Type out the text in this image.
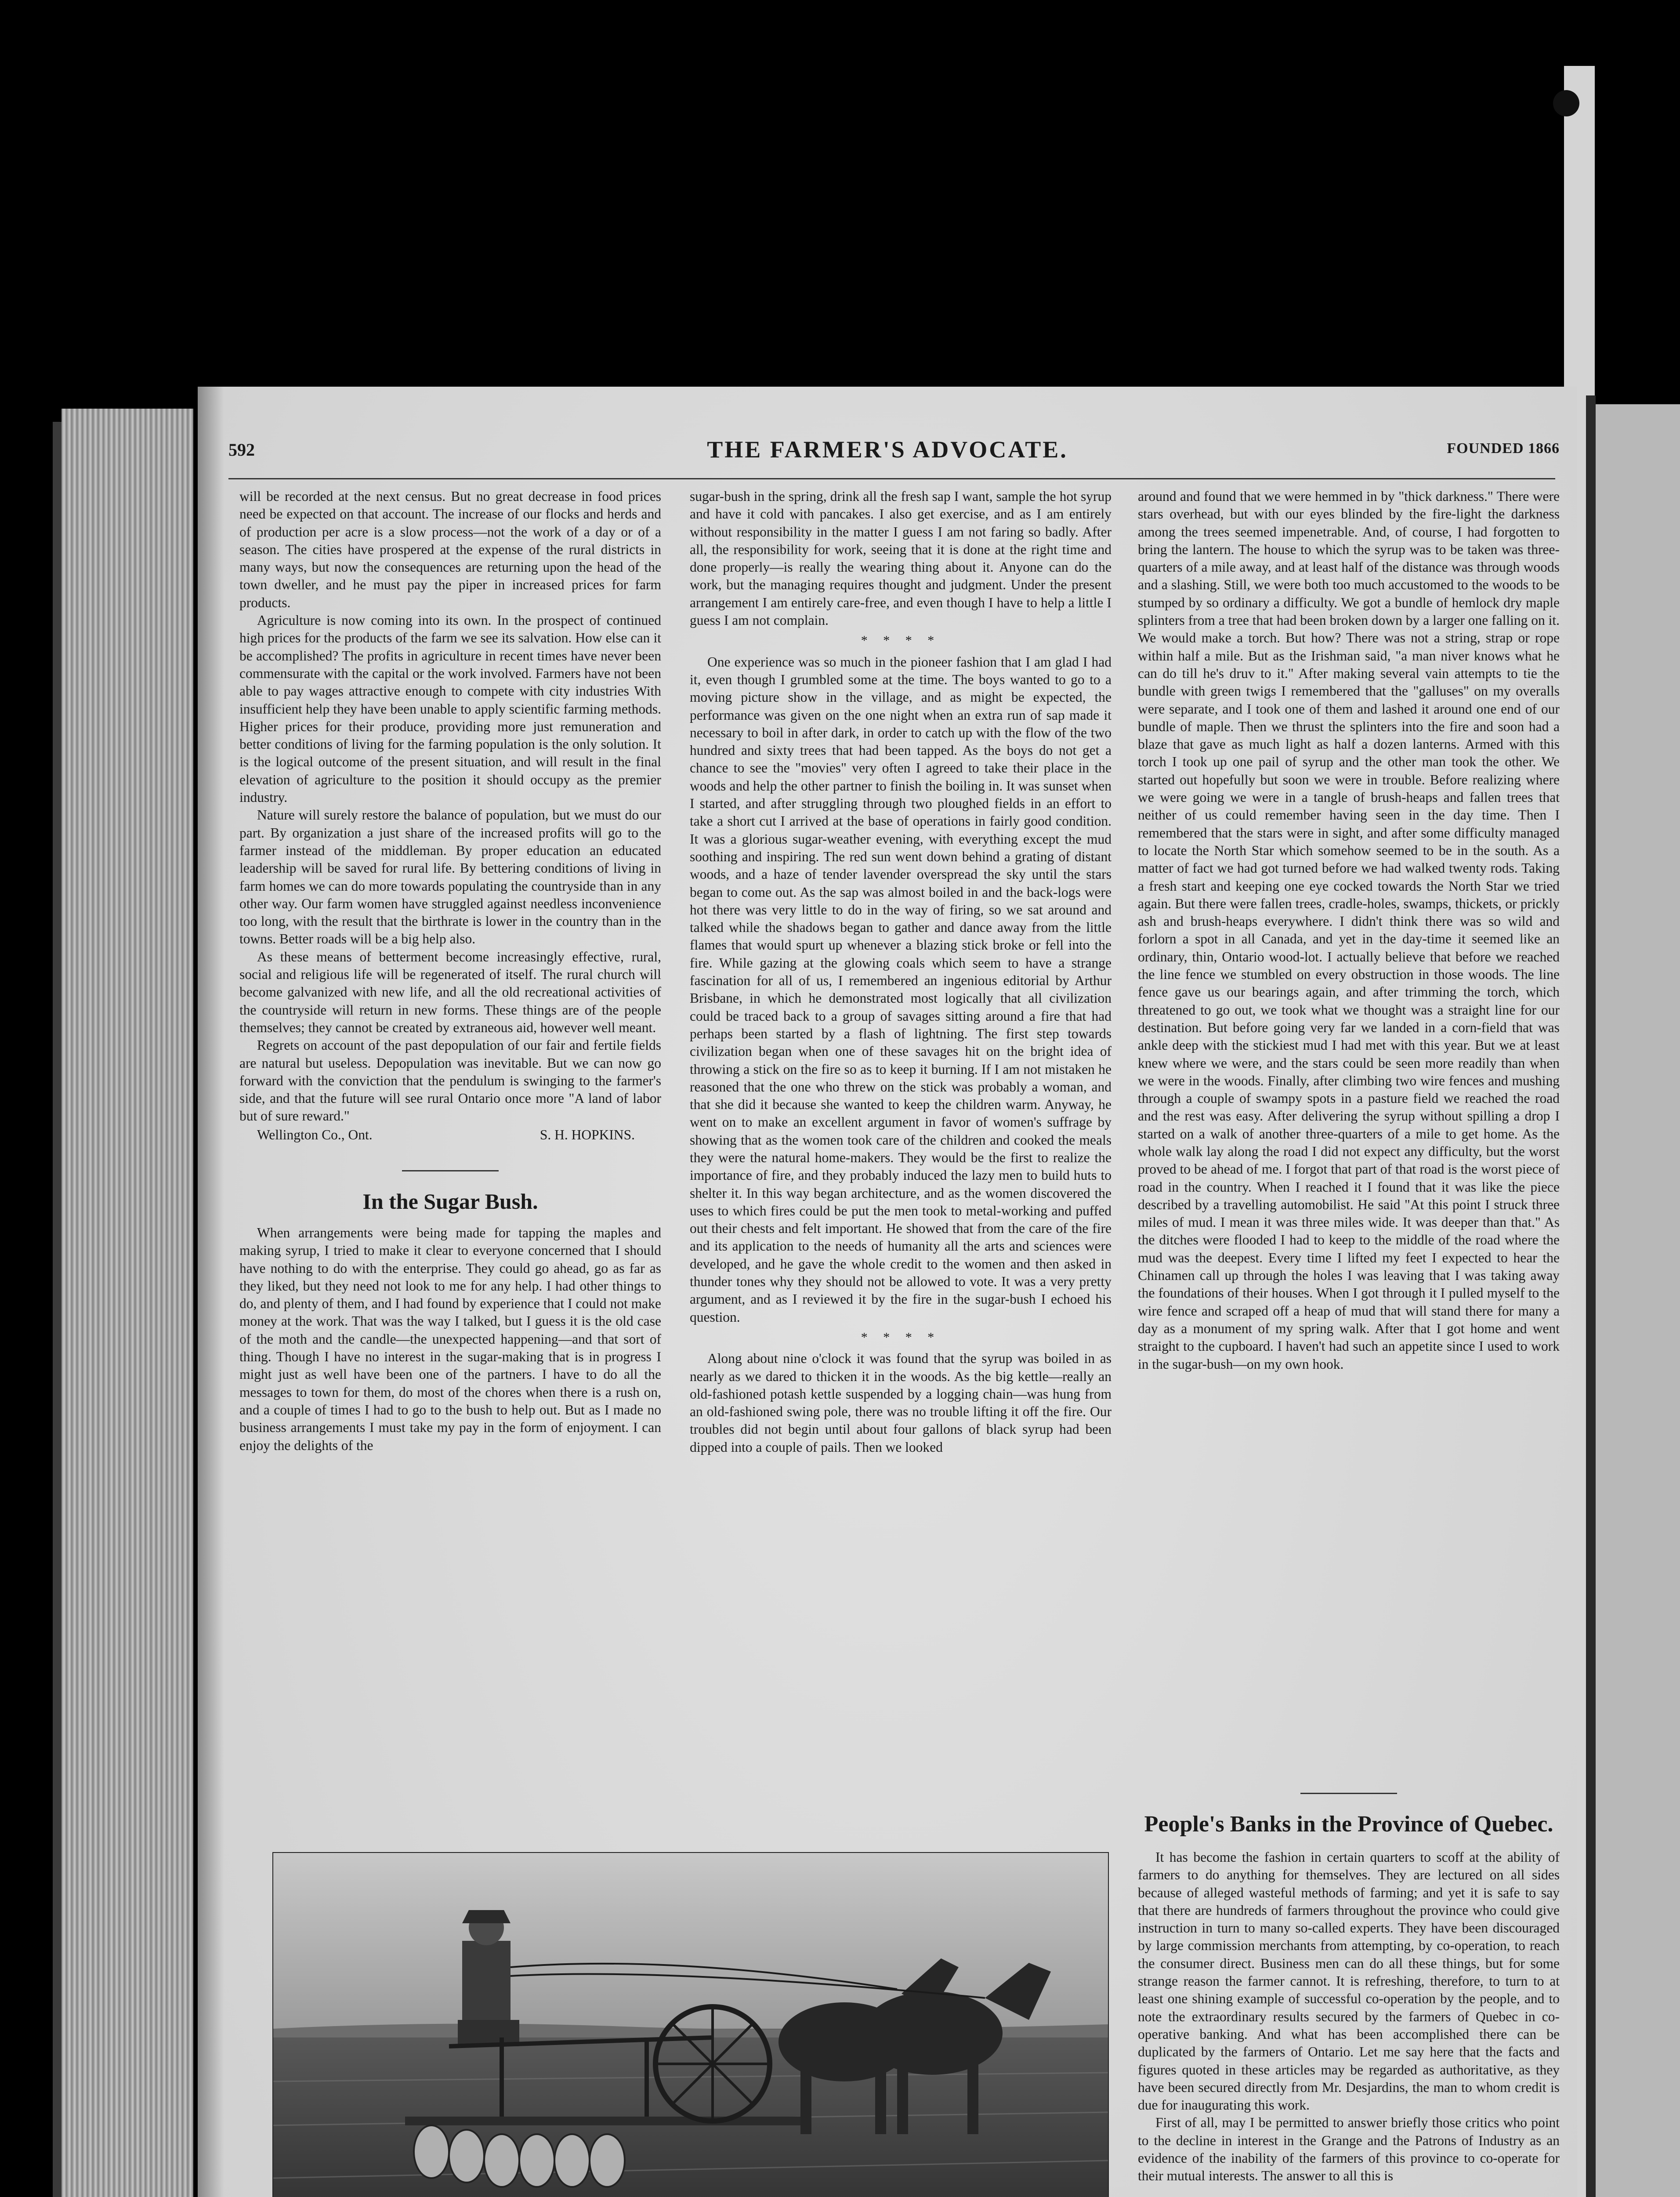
592	THE FARMER'S ADVOCATE.	FOUNDED 1866

will be recorded at the next census. But no great decrease in food prices need be expected on that account. The increase of our flocks and herds and of production per acre is a slow process—not the work of a day or of a season. The cities have prospered at the expense of the rural districts in many ways, but now the consequences are returning upon the head of the town dweller, and he must pay the piper in increased prices for farm products.

Agriculture is now coming into its own. In the prospect of continued high prices for the products of the farm we see its salvation. How else can it be accomplished? The profits in agriculture in recent times have never been commensurate with the capital or the work involved. Farmers have not been able to pay wages attractive enough to compete with city industries With insufficient help they have been unable to apply scientific farming methods. Higher prices for their produce, providing more just remuneration and better conditions of living for the farming population is the only solution. It is the logical outcome of the present situation, and will result in the final elevation of agriculture to the position it should occupy as the premier industry.

Nature will surely restore the balance of population, but we must do our part. By organization a just share of the increased profits will go to the farmer instead of the middleman. By proper education an educated leadership will be saved for rural life. By bettering conditions of living in farm homes we can do more towards populating the countryside than in any other way. Our farm women have struggled against needless inconvenience too long, with the result that the birthrate is lower in the country than in the towns. Better roads will be a big help also.

As these means of betterment become increasingly effective, rural, social and religious life will be regenerated of itself. The rural church will become galvanized with new life, and all the old recreational activities of the countryside will return in new forms. These things are of the people themselves; they cannot be created by extraneous aid, however well meant.

Regrets on account of the past depopulation of our fair and fertile fields are natural but useless. Depopulation was inevitable. But we can now go forward with the conviction that the pendulum is swinging to the farmer's side, and that the future will see rural Ontario once more "A land of labor but of sure reward."

Wellington Co., Ont.	S. H. HOPKINS.
In the Sugar Bush.

When arrangements were being made for tapping the maples and making syrup, I tried to make it clear to everyone concerned that I should have nothing to do with the enterprise. They could go ahead, go as far as they liked, but they need not look to me for any help. I had other things to do, and plenty of them, and I had found by experience that I could not make money at the work. That was the way I talked, but I guess it is the old case of the moth and the candle—the unexpected happening—and that sort of thing. Though I have no interest in the sugar-making that is in progress I might just as well have been one of the partners. I have to do all the messages to town for them, do most of the chores when there is a rush on, and a couple of times I had to go to the bush to help out. But as I made no business arrangements I must take my pay in the form of enjoyment. I can enjoy the delights of the

sugar-bush in the spring, drink all the fresh sap I want, sample the hot syrup and have it cold with pancakes. I also get exercise, and as I am entirely without responsibility in the matter I guess I am not faring so badly. After all, the responsibility for work, seeing that it is done at the right time and done properly—is really the wearing thing about it. Anyone can do the work, but the managing requires thought and judgment. Under the present arrangement I am entirely care-free, and even though I have to help a little I guess I am not complain.

* * * *

One experience was so much in the pioneer fashion that I am glad I had it, even though I grumbled some at the time. The boys wanted to go to a moving picture show in the village, and as might be expected, the performance was given on the one night when an extra run of sap made it necessary to boil in after dark, in order to catch up with the flow of the two hundred and sixty trees that had been tapped. As the boys do not get a chance to see the "movies" very often I agreed to take their place in the woods and help the other partner to finish the boiling in. It was sunset when I started, and after struggling through two ploughed fields in an effort to take a short cut I arrived at the base of operations in fairly good condition. It was a glorious sugar-weather evening, with everything except the mud soothing and inspiring. The red sun went down behind a grating of distant woods, and a haze of tender lavender overspread the sky until the stars began to come out. As the sap was almost boiled in and the back-logs were hot there was very little to do in the way of firing, so we sat around and talked while the shadows began to gather and dance away from the little flames that would spurt up whenever a blazing stick broke or fell into the fire. While gazing at the glowing coals which seem to have a strange fascination for all of us, I remembered an ingenious editorial by Arthur Brisbane, in which he demonstrated most logically that all civilization could be traced back to a group of savages sitting around a fire that had perhaps been started by a flash of lightning. The first step towards civilization began when one of these savages hit on the bright idea of throwing a stick on the fire so as to keep it burning. If I am not mistaken he reasoned that the one who threw on the stick was probably a woman, and that she did it because she wanted to keep the children warm. Anyway, he went on to make an excellent argument in favor of women's suffrage by showing that as the women took care of the children and cooked the meals they were the natural home-makers. They would be the first to realize the importance of fire, and they probably induced the lazy men to build huts to shelter it. In this way began architecture, and as the women discovered the uses to which fires could be put the men took to metal-working and puffed out their chests and felt important. He showed that from the care of the fire and its application to the needs of humanity all the arts and sciences were developed, and he gave the whole credit to the women and then asked in thunder tones why they should not be allowed to vote. It was a very pretty argument, and as I reviewed it by the fire in the sugar-bush I echoed his question.

* * * *

Along about nine o'clock it was found that the syrup was boiled in as nearly as we dared to thicken it in the woods. As the big kettle—really an old-fashioned potash kettle suspended by a logging chain—was hung from an old-fashioned swing pole, there was no trouble lifting it off the fire. Our troubles did not begin until about four gallons of black syrup had been dipped into a couple of pails. Then we looked

around and found that we were hemmed in by "thick darkness." There were stars overhead, but with our eyes blinded by the fire-light the darkness among the trees seemed impenetrable. And, of course, I had forgotten to bring the lantern. The house to which the syrup was to be taken was three-quarters of a mile away, and at least half of the distance was through woods and a slashing. Still, we were both too much accustomed to the woods to be stumped by so ordinary a difficulty. We got a bundle of hemlock dry maple splinters from a tree that had been broken down by a larger one falling on it. We would make a torch. But how? There was not a string, strap or rope within half a mile. But as the Irishman said, "a man niver knows what he can do till he's druv to it." After making several vain attempts to tie the bundle with green twigs I remembered that the "galluses" on my overalls were separate, and I took one of them and lashed it around one end of our bundle of maple. Then we thrust the splinters into the fire and soon had a blaze that gave as much light as half a dozen lanterns. Armed with this torch I took up one pail of syrup and the other man took the other. We started out hopefully but soon we were in trouble. Before realizing where we were going we were in a tangle of brush-heaps and fallen trees that neither of us could remember having seen in the day time. Then I remembered that the stars were in sight, and after some difficulty managed to locate the North Star which somehow seemed to be in the south. As a matter of fact we had got turned before we had walked twenty rods. Taking a fresh start and keeping one eye cocked towards the North Star we tried again. But there were fallen trees, cradle-holes, swamps, thickets, or prickly ash and brush-heaps everywhere. I didn't think there was so wild and forlorn a spot in all Canada, and yet in the day-time it seemed like an ordinary, thin, Ontario wood-lot. I actually believe that before we reached the line fence we stumbled on every obstruction in those woods. The line fence gave us our bearings again, and after trimming the torch, which threatened to go out, we took what we thought was a straight line for our destination. But before going very far we landed in a corn-field that was ankle deep with the stickiest mud I had met with this year. But we at least knew where we were, and the stars could be seen more readily than when we were in the woods. Finally, after climbing two wire fences and mushing through a couple of swampy spots in a pasture field we reached the road and the rest was easy. After delivering the syrup without spilling a drop I started on a walk of another three-quarters of a mile to get home. As the whole walk lay along the road I did not expect any difficulty, but the worst proved to be ahead of me. I forgot that part of that road is the worst piece of road in the country. When I reached it I found that it was like the piece described by a travelling automobilist. He said "At this point I struck three miles of mud. I mean it was three miles wide. It was deeper than that." As the ditches were flooded I had to keep to the middle of the road where the mud was the deepest. Every time I lifted my feet I expected to hear the Chinamen call up through the holes I was leaving that I was taking away the foundations of their houses. When I got through it I pulled myself to the wire fence and scraped off a heap of mud that will stand there for many a day as a monument of my spring walk. After that I got home and went straight to the cupboard. I haven't had such an appetite since I used to work in the sugar-bush—on my own hook.

People's Banks in the Province of Quebec.

It has become the fashion in certain quarters to scoff at the ability of farmers to do anything for themselves. They are lectured on all sides because of alleged wasteful methods of farming; and yet it is safe to say that there are hundreds of farmers throughout the province who could give instruction in turn to many so-called experts. They have been discouraged by large commission merchants from attempting, by co-operation, to reach the consumer direct. Business men can do all these things, but for some strange reason the farmer cannot. It is refreshing, therefore, to turn to at least one shining example of successful co-operation by the people, and to note the extraordinary results secured by the farmers of Quebec in co-operative banking. And what has been accomplished there can be duplicated by the farmers of Ontario. Let me say here that the facts and figures quoted in these articles may be regarded as authoritative, as they have been secured directly from Mr. Desjardins, the man to whom credit is due for inaugurating this work.

First of all, may I be permitted to answer briefly those critics who point to the decline in interest in the Grange and the Patrons of Industry as an evidence of the inability of the farmers of this province to co-operate for their mutual interests. The answer to all this is
